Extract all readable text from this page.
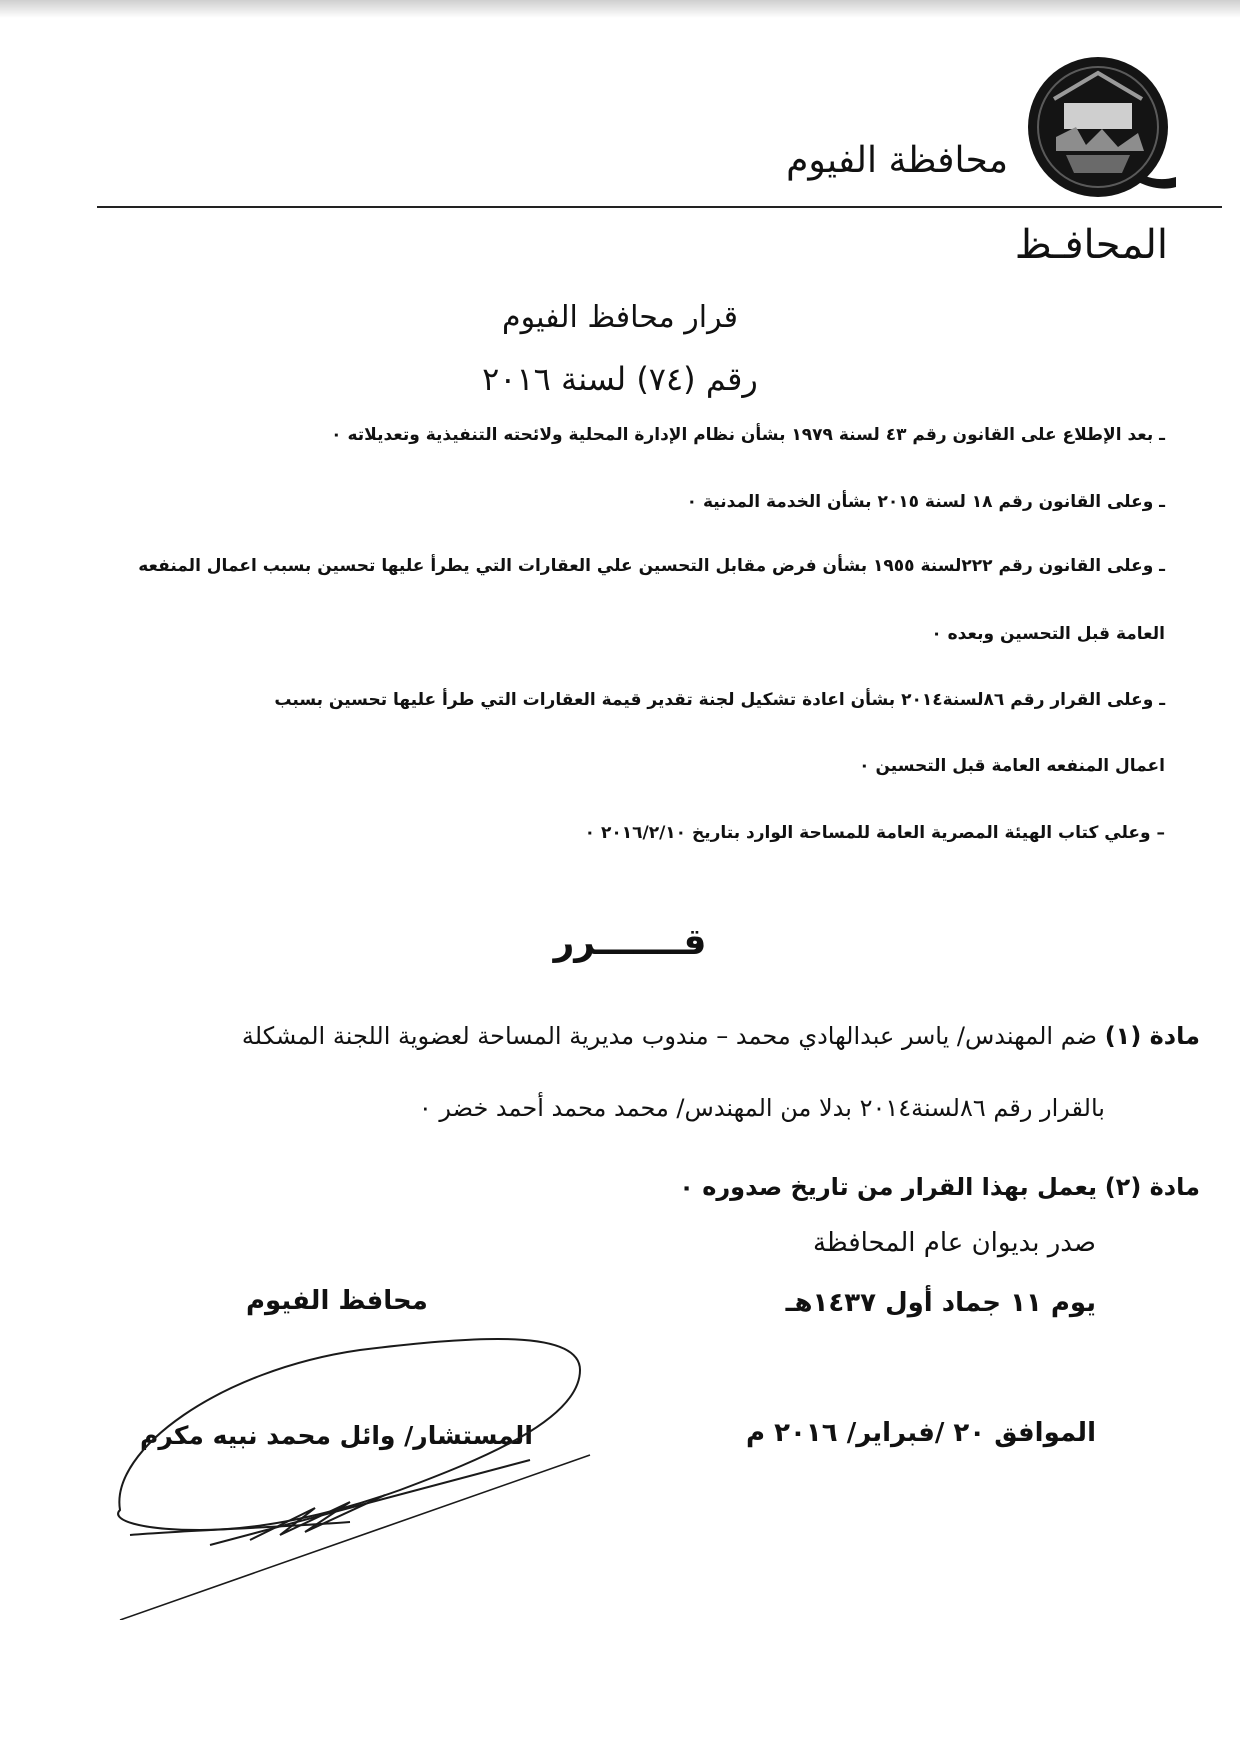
محافظة الفيوم
المحافـظ
قرار محافظ الفيوم
رقم (٧٤) لسنة ٢٠١٦
ـ بعد الإطلاع على القانون رقم ٤٣ لسنة ١٩٧٩ بشأن نظام الإدارة المحلية ولائحته التنفيذية وتعديلاته ٠
ـ وعلى القانون رقم ١٨ لسنة ٢٠١٥ بشأن الخدمة المدنية ٠
ـ وعلى القانون رقم ٢٢٢لسنة ١٩٥٥ بشأن فرض مقابل التحسين علي العقارات التي يطرأ عليها تحسين بسبب اعمال المنفعه
العامة قبل التحسين وبعده ٠
ـ وعلى القرار رقم ٨٦لسنة٢٠١٤ بشأن اعادة تشكيل لجنة تقدير قيمة العقارات التي طرأ عليها تحسين بسبب
اعمال المنفعه العامة قبل التحسين ٠
– وعلي كتاب الهيئة المصرية العامة للمساحة الوارد بتاريخ ٢٠١٦/٢/١٠ ٠
قـــــــرر
مادة (١) ضم المهندس/ ياسر عبدالهادي محمد – مندوب مديرية المساحة لعضوية اللجنة المشكلة
بالقرار رقم ٨٦لسنة٢٠١٤ بدلا من المهندس/ محمد محمد أحمد خضر ٠
مادة (٢) يعمل بهذا القرار من تاريخ صدوره ٠
صدر بديوان عام المحافظة
يوم ١١ جماد أول ١٤٣٧هـ
الموافق ٢٠ /فبراير/ ٢٠١٦ م
محافظ الفيوم
المستشار/ وائل محمد نبيه مكرم
